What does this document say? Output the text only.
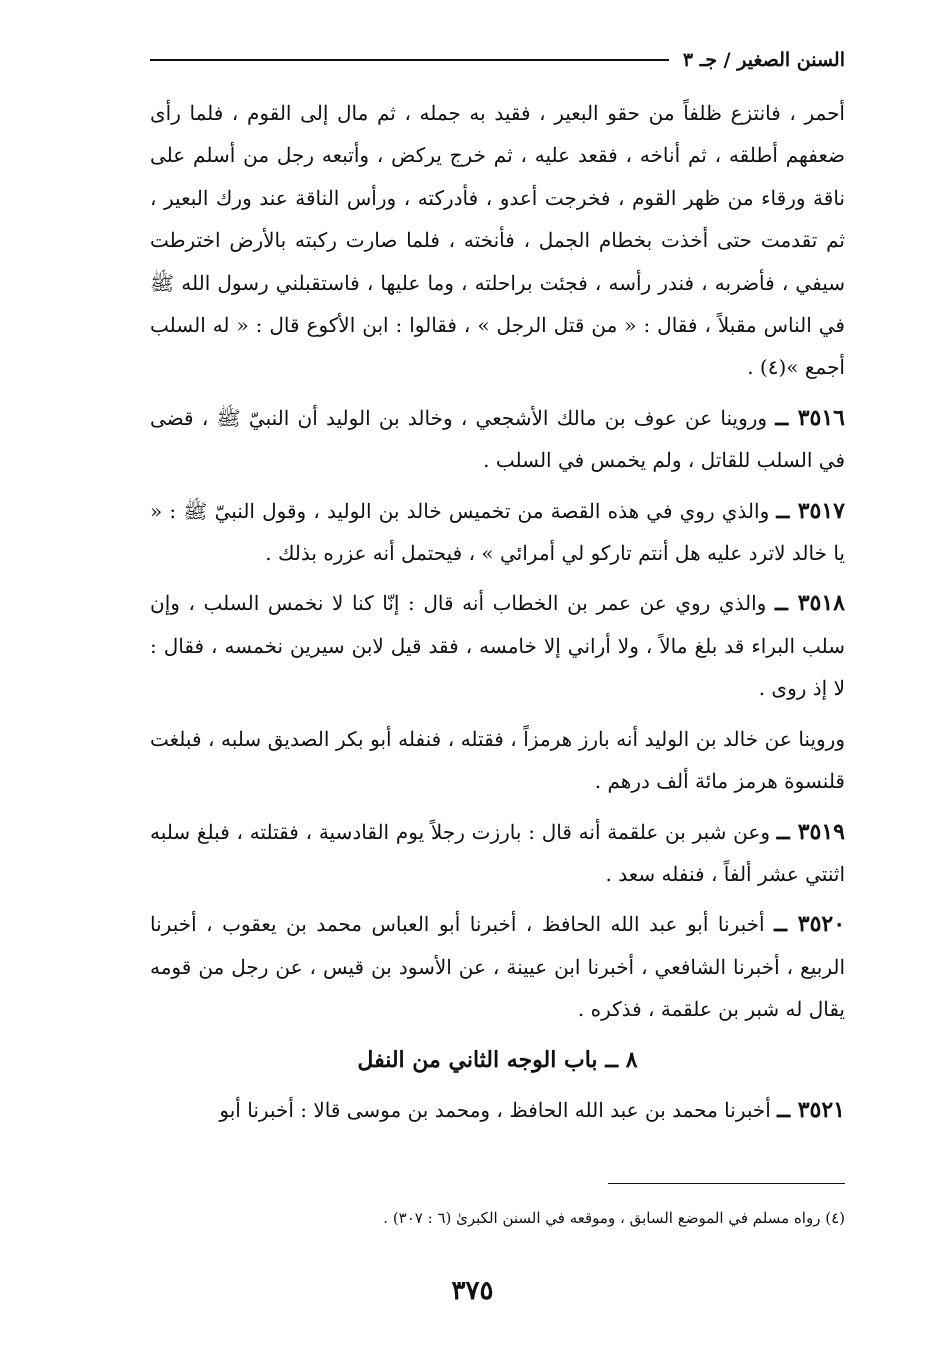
السنن الصغير / جـ ٣

أحمر ، فانتزع ظلفاً من حقو البعير ، فقيد به جمله ، ثم مال إلى القوم ، فلما رأى ضعفهم أطلقه ، ثم أناخه ، فقعد عليه ، ثم خرج يركض ، وأتبعه رجل من أسلم على ناقة ورقاء من ظهر القوم ، فخرجت أعدو ، فأدركته ، ورأس الناقة عند ورك البعير ، ثم تقدمت حتى أخذت بخطام الجمل ، فأنخته ، فلما صارت ركبته بالأرض اخترطت سيفي ، فأضربه ، فندر رأسه ، فجئت براحلته ، وما عليها ، فاستقبلني رسول الله ﷺ في الناس مقبلاً ، فقال : « من قتل الرجل » ، فقالوا : ابن الأكوع قال : « له السلب أجمع »(٤) .

٣٥١٦ ــ وروينا عن عوف بن مالك الأشجعي ، وخالد بن الوليد أن النبيّ ﷺ ، قضى في السلب للقاتل ، ولم يخمس في السلب .

٣٥١٧ ــ والذي روي في هذه القصة من تخميس خالد بن الوليد ، وقول النبيّ ﷺ : « يا خالد لاترد عليه هل أنتم تاركو لي أمرائي » ، فيحتمل أنه عزره بذلك .

٣٥١٨ ــ والذي روي عن عمر بن الخطاب أنه قال : إنّا كنا لا نخمس السلب ، وإن سلب البراء قد بلغ مالاً ، ولا أراني إلا خامسه ، فقد قيل لابن سيرين نخمسه ، فقال : لا إذ روى .

وروينا عن خالد بن الوليد أنه بارز هرمزاً ، فقتله ، فنفله أبو بكر الصديق سلبه ، فبلغت قلنسوة هرمز مائة ألف درهم .

٣٥١٩ ــ وعن شبر بن علقمة أنه قال : بارزت رجلاً يوم القادسية ، فقتلته ، فبلغ سلبه اثنتي عشر ألفاً ، فنفله سعد .

٣٥٢٠ ــ أخبرنا أبو عبد الله الحافظ ، أخبرنا أبو العباس محمد بن يعقوب ، أخبرنا الربيع ، أخبرنا الشافعي ، أخبرنا ابن عيينة ، عن الأسود بن قيس ، عن رجل من قومه يقال له شبر بن علقمة ، فذكره .

٨ ــ باب الوجه الثاني من النفل

٣٥٢١ ــ أخبرنا محمد بن عبد الله الحافظ ، ومحمد بن موسى قالا : أخبرنا أبو

(٤) رواه مسلم في الموضع السابق ، وموقعه في السنن الكبرىٰ (٦ : ٣٠٧) .
٣٧٥
